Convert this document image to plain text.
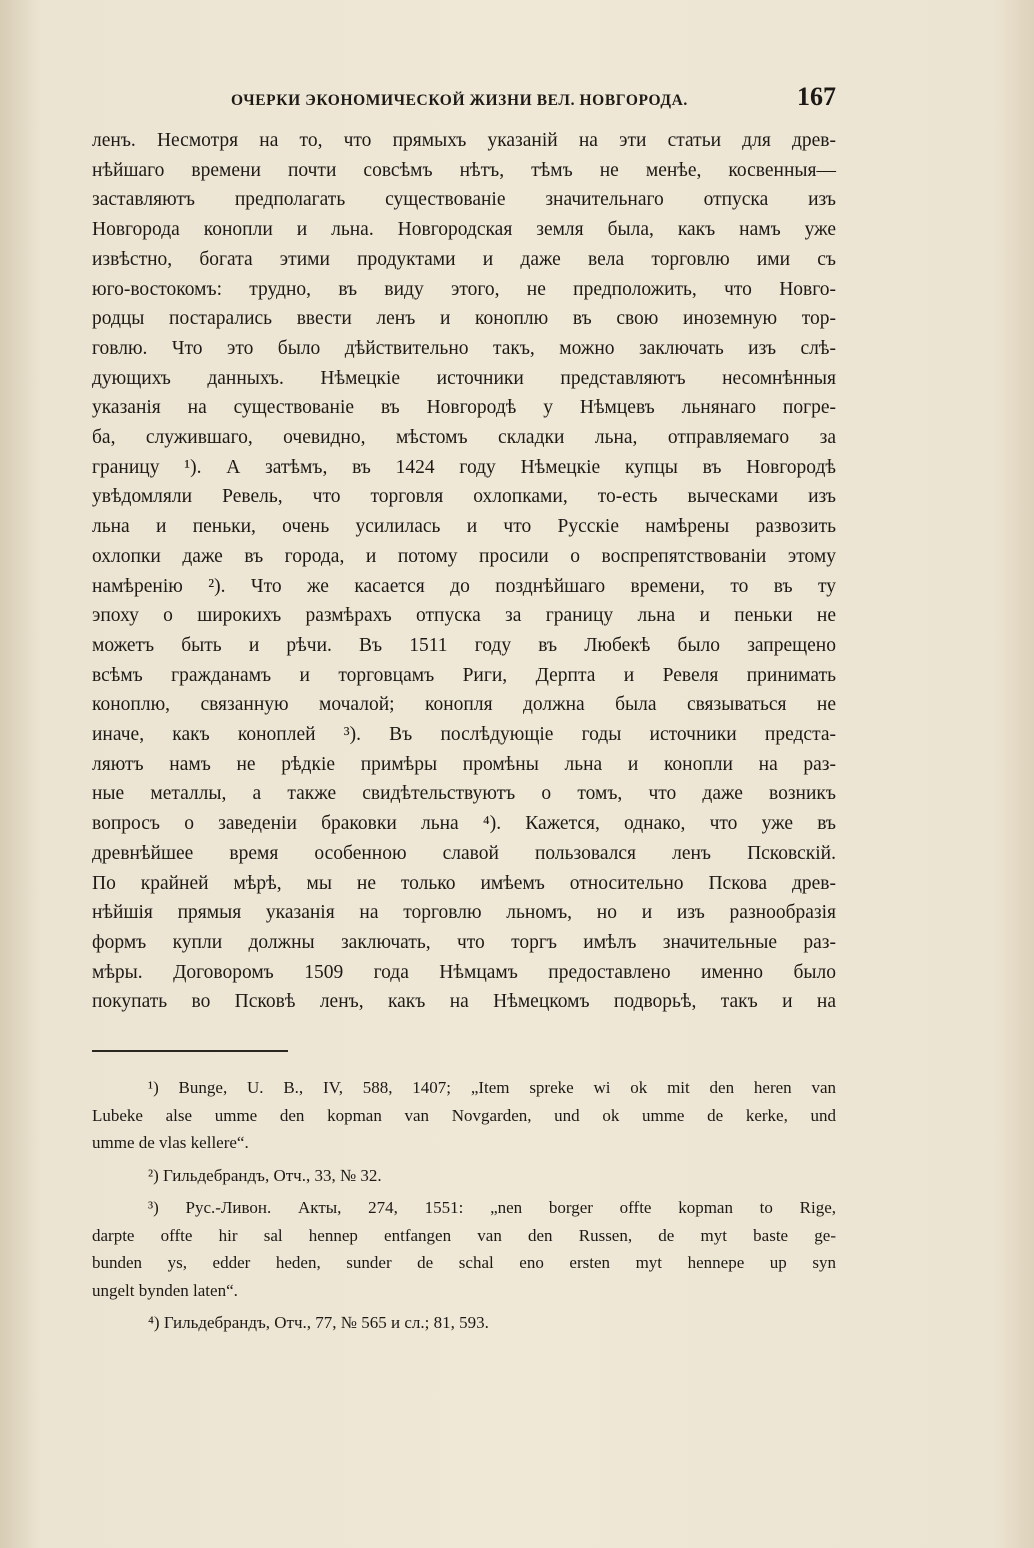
ОЧЕРКИ ЭКОНОМИЧЕСКОЙ ЖИЗНИ ВЕЛ. НОВГОРОДА.	167
ленъ. Несмотря на то, что прямыхъ указаній на эти статьи для древ-
нѣйшаго времени почти совсѣмъ нѣтъ, тѣмъ не менѣе, косвенныя—
заставляютъ предполагать существованіе значительнаго отпуска изъ
Новгорода конопли и льна. Новгородская земля была, какъ намъ уже
извѣстно, богата этими продуктами и даже вела торговлю ими съ
юго-востокомъ: трудно, въ виду этого, не предположить, что Новго-
родцы постарались ввести ленъ и коноплю въ свою иноземную тор-
говлю. Что это было дѣйствительно такъ, можно заключать изъ слѣ-
дующихъ данныхъ. Нѣмецкіе источники представляютъ несомнѣнныя
указанія на существованіе въ Новгородѣ у Нѣмцевъ льнянаго погре-
ба, служившаго, очевидно, мѣстомъ складки льна, отправляемаго за
границу ¹). А затѣмъ, въ 1424 году Нѣмецкіе купцы въ Новгородѣ
увѣдомляли Ревель, что торговля охлопками, то-есть выческами изъ
льна и пеньки, очень усилилась и что Русскіе намѣрены развозить
охлопки даже въ города, и потому просили о воспрепятствованіи этому
намѣренію ²). Что же касается до позднѣйшаго времени, то въ ту
эпоху о широкихъ размѣрахъ отпуска за границу льна и пеньки не
можетъ быть и рѣчи. Въ 1511 году въ Любекѣ было запрещено
всѣмъ гражданамъ и торговцамъ Риги, Дерпта и Ревеля принимать
коноплю, связанную мочалой; конопля должна была связываться не
иначе, какъ коноплей ³). Въ послѣдующіе годы источники предста-
ляютъ намъ не рѣдкіе примѣры промѣны льна и конопли на раз-
ные металлы, а также свидѣтельствуютъ о томъ, что даже возникъ
вопросъ о заведеніи браковки льна ⁴). Кажется, однако, что уже въ
древнѣйшее время особенною славой пользовался ленъ Псковскій.
По крайней мѣрѣ, мы не только имѣемъ относительно Пскова древ-
нѣйшія прямыя указанія на торговлю льномъ, но и изъ разнообразія
формъ купли должны заключать, что торгъ имѣлъ значительные раз-
мѣры. Договоромъ 1509 года Нѣмцамъ предоставлено именно было
покупать во Псковѣ ленъ, какъ на Нѣмецкомъ подворьѣ, такъ и на
¹) Bunge, U. B., IV, 588, 1407; „Item spreke wi ok mit den heren van
Lubeke alse umme den kopman van Novgarden, und ok umme de kerke, und
umme de vlas kellere“.
²) Гильдебрандъ, Отч., 33, № 32.
³) Рус.-Ливон. Акты, 274, 1551: „nen borger offte kopman to Rige,
darpte offte hir sal hennep entfangen van den Russen, de myt baste ge-
bunden ys, edder heden, sunder de schal eno ersten myt hennepe up syn
ungelt bynden laten“.
⁴) Гильдебрандъ, Отч., 77, № 565 и сл.; 81, 593.
